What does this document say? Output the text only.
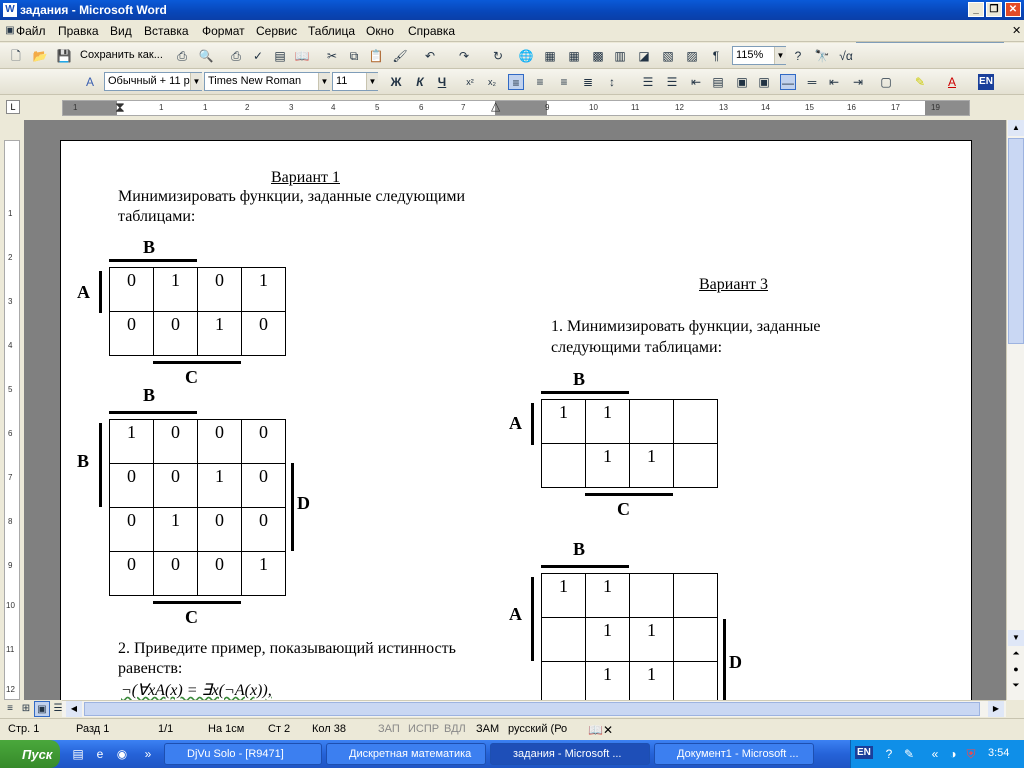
W задания - Microsoft Word	_	❐	✕
▣ Файл Правка Вид Вставка Формат Сервис Таблица Окно Справка	✕
🗋 📂 💾 Сохранить как... ⎙ 🔍 ⎙ ✓ ▤ 📖 ✂	⧉ 📋 🖌 ↶ ↷ ↻ 🌐 ▦ ▦ ▩ ▥ ◪ ▧ ▨	¶	115%	▼ ?	🔭 √α
A	Обычный + 11 р ▼ Times New Roman	▼ 11	▼ Ж	К	Ч	x²	x₂	≡	≡	≡	≣	↕	☰ ☰ ⇤ ▤ ▣ ▣ —	═	⇤ ⇥ ▢ ✎	A	EN
L	1	⧗	1	1	2	3	4	5	6	7 △	9	10	11	12	13	14	15	16	17	19
1
2
3
4
5
6
7
8
9
10
11
12
Вариант 1
Минимизировать функции, заданные следующими
таблицами:
B
A
0	1	0	1
0	0	1	0
C
B
B
1	0	0	0
0	0	1	0
0	1	0	0
0	0	0	1
D
C
2. Приведите пример, показывающий истинность
равенств:
¬(∀xA(x) = ∃x(¬A(x)),
Вариант 3
1. Минимизировать функции, заданные
следующими таблицами:
B
A
1	1		
	1	1	
C
B
A
1	1		
	1	1	
	1	1	
D
▲
▼
⏶
●
⏷
≡ ⊞ ▣ ☰	◀	▶
Стр. 1	Разд 1	1/1	На 1см Ст 2 Кол 38	ЗАП ИСПР ВДЛ ЗАМ русский (Ро 📖✕
Пуск	▤	e	◉	»	DjVu Solo - [R9471]	Дискретная математика	задания - Microsoft ...	Документ1 - Microsoft ...	EN	? ✎	« ◑ ⛨	3:54
